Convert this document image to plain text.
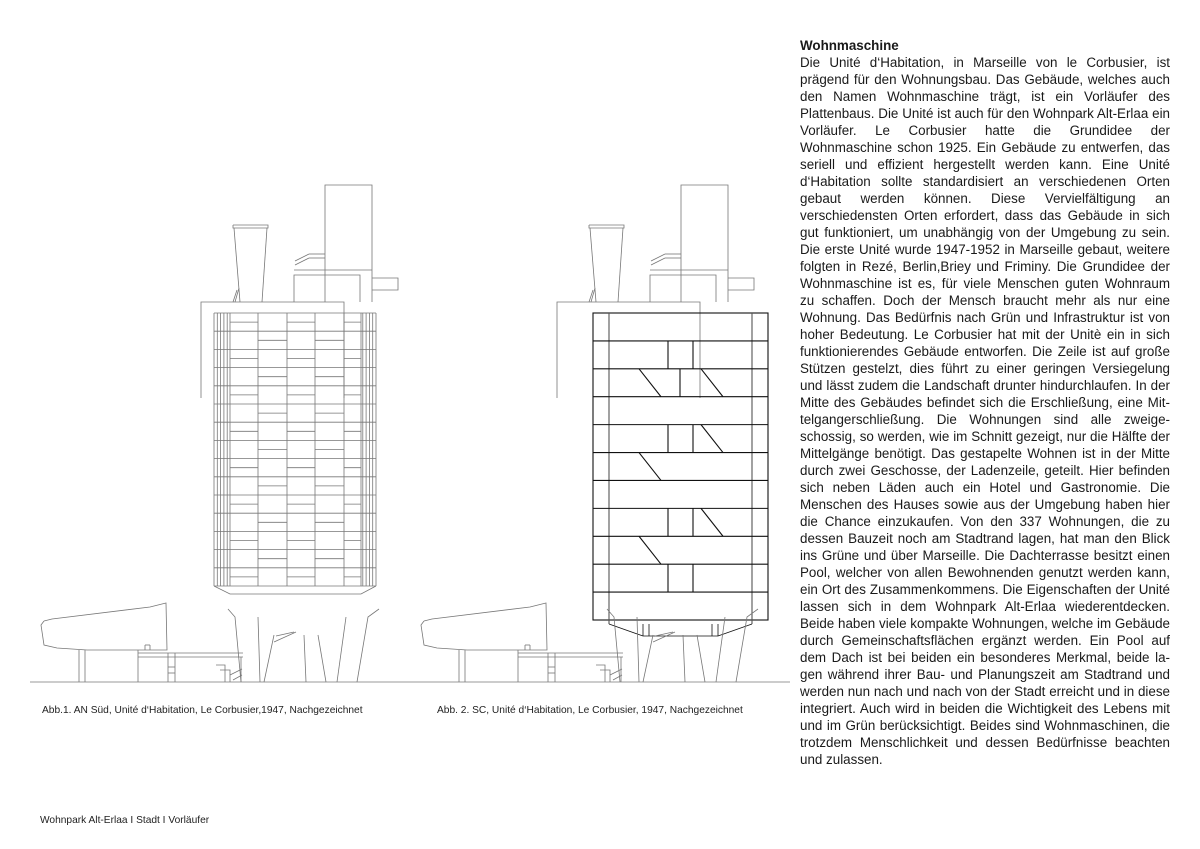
Abb.1. AN Süd, Unité d‘Habitation, Le Corbusier,1947, Nachgezeichnet	Abb. 2. SC, Unité d‘Habitation, Le Corbusier, 1947, Nachgezeichnet
Wohnmaschine

Die Unité d‘Habitation, in Marseille von le Corbusier, ist prägend für den Wohnungsbau. Das Gebäude, welches auch den Namen Wohnmaschine trägt, ist ein Vorläufer des Plattenbaus. Die Unité ist auch für den Wohnpark Alt-Erlaa ein Vorläufer. Le Corbusier hatte die Grundidee der Wohnmaschine schon 1925. Ein Gebäude zu entwerfen, das seriell und effizient hergestellt werden kann. Eine Unité d‘Habitation sollte standardisiert an verschiedenen Orten gebaut werden können. Diese Vervielfältigung an verschiedensten Orten erfordert, dass das Gebäude in sich gut funktioniert, um unabhängig von der Umgebung zu sein. Die erste Unité wurde 1947-1952 in Marseille gebaut, weitere folgten in Rezé, Berlin,Briey und Friminy. Die Grundidee der Wohnmaschine ist es, für viele Menschen guten Wohnraum zu schaffen. Doch der Mensch braucht mehr als nur eine Wohnung. Das Bedürfnis nach Grün und Infrastruktur ist von hoher Bedeutung. Le Corbusier hat mit der Unitè ein in sich funktionierendes Gebäude entworfen. Die Zeile ist auf große Stützen gestelzt, dies führt zu einer geringen Versiegelung und lässt zudem die Landschaft drunter hindurchlaufen. In der Mitte des Gebäudes befindet sich die Erschließung, eine Mittelgangerschließung. Die Wohnungen sind alle zweigeschossig, so werden, wie im Schnitt gezeigt, nur die Hälfte der Mittelgänge benötigt. Das gestapelte Wohnen ist in der Mitte durch zwei Geschosse, der Ladenzeile, geteilt. Hier befinden sich neben Läden auch ein Hotel und Gastronomie. Die Menschen des Hauses sowie aus der Umgebung haben hier die Chance einzukaufen. Von den 337 Wohnungen, die zu dessen Bauzeit noch am Stadtrand lagen, hat man den Blick ins Grüne und über Marseille. Die Dachterrasse besitzt einen Pool, welcher von allen Bewohnenden genutzt werden kann, ein Ort des Zusammenkommens. Die Eigenschaften der Unité lassen sich in dem Wohnpark Alt-Erlaa wiederentdecken. Beide haben viele kompakte Wohnungen, welche im Gebäude durch Gemeinschaftsflächen ergänzt werden. Ein Pool auf dem Dach ist bei beiden ein besonderes Merkmal, beide lagen während ihrer Bau- und Planungszeit am Stadtrand und werden nun nach und nach von der Stadt erreicht und in diese integriert. Auch wird in beiden die Wichtigkeit des Lebens mit und im Grün berücksichtigt. Beides sind Wohnmaschinen, die trotzdem Menschlichkeit und dessen Bedürfnisse beachten und zulassen.

Wohnpark Alt-Erlaa I Stadt I Vorläufer
